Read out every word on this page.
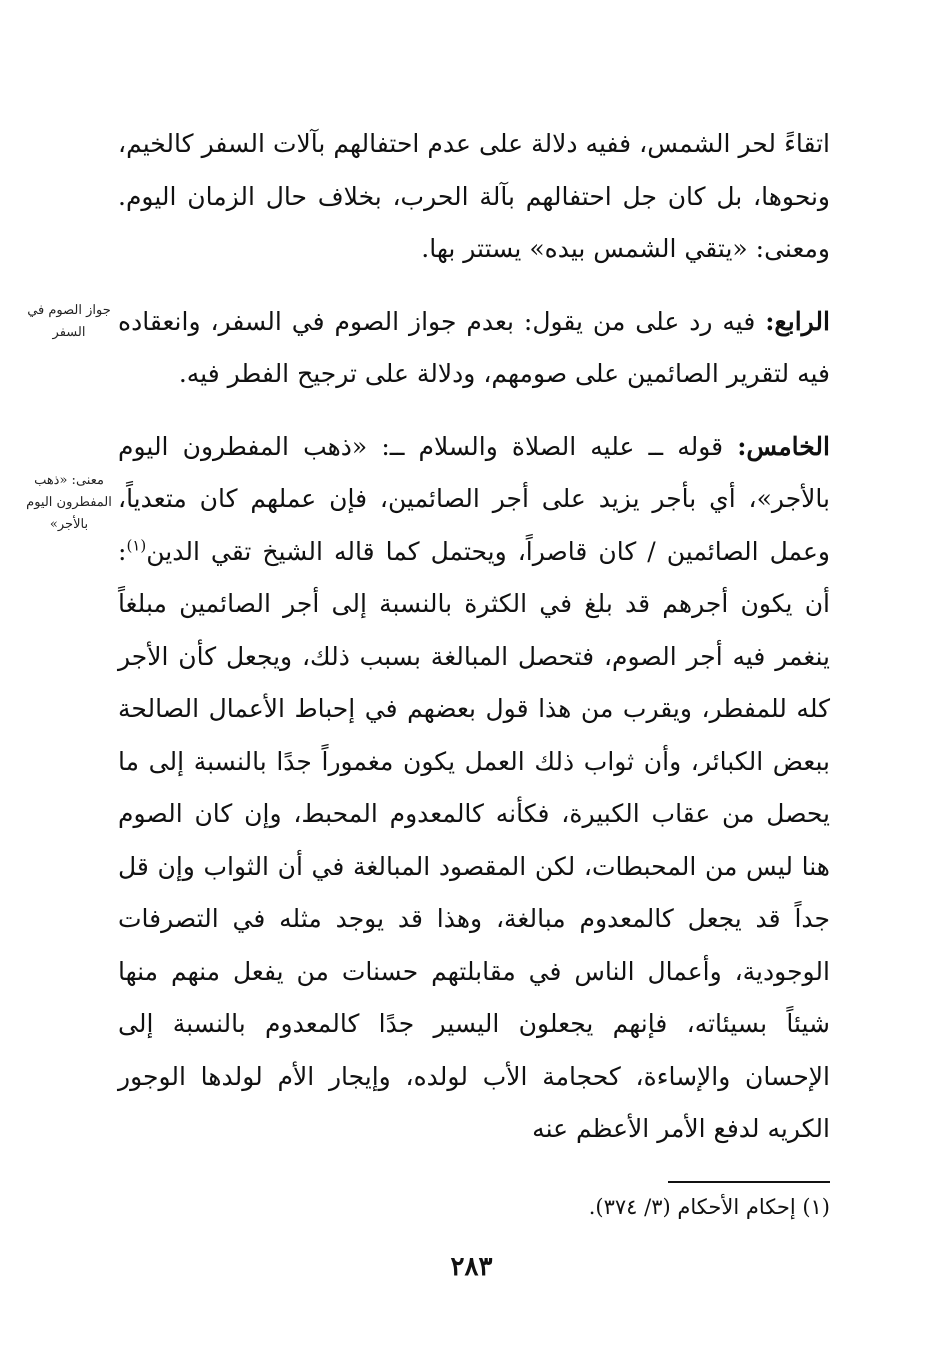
اتقاءً لحر الشمس، ففيه دلالة على عدم احتفالهم بآلات السفر كالخيم، ونحوها، بل كان جل احتفالهم بآلة الحرب، بخلاف حال الزمان اليوم. ومعنى: «يتقي الشمس بيده» يستتر بها.

الرابع: فيه رد على من يقول: بعدم جواز الصوم في السفر، وانعقاده فيه لتقرير الصائمين على صومهم، ودلالة على ترجيح الفطر فيه.

الخامس: قوله ــ عليه الصلاة والسلام ــ: «ذهب المفطرون اليوم بالأجر»، أي بأجر يزيد على أجر الصائمين، فإن عملهم كان متعدياً، وعمل الصائمين / كان قاصراً، ويحتمل كما قاله الشيخ تقي الدين$^{(١)}$: أن يكون أجرهم قد بلغ في الكثرة بالنسبة إلى أجر الصائمين مبلغاً ينغمر فيه أجر الصوم، فتحصل المبالغة بسبب ذلك، ويجعل كأن الأجر كله للمفطر، ويقرب من هذا قول بعضهم في إحباط الأعمال الصالحة ببعض الكبائر، وأن ثواب ذلك العمل يكون مغموراً جدًا بالنسبة إلى ما يحصل من عقاب الكبيرة، فكأنه كالمعدوم المحبط، وإن كان الصوم هنا ليس من المحبطات، لكن المقصود المبالغة في أن الثواب وإن قل جداً قد يجعل كالمعدوم مبالغة، وهذا قد يوجد مثله في التصرفات الوجودية، وأعمال الناس في مقابلتهم حسنات من يفعل منهم منها شيئاً بسيئاته، فإنهم يجعلون اليسير جدًا كالمعدوم بالنسبة إلى الإحسان والإساءة، كحجامة الأب لولده، وإيجار الأم لولدها الوجور الكريه لدفع الأمر الأعظم عنه

جواز الصوم في السفر
معنى: «ذهب المفطرون اليوم بالأجر»
(١) إحكام الأحكام (٣/ ٣٧٤).
٢٨٣
